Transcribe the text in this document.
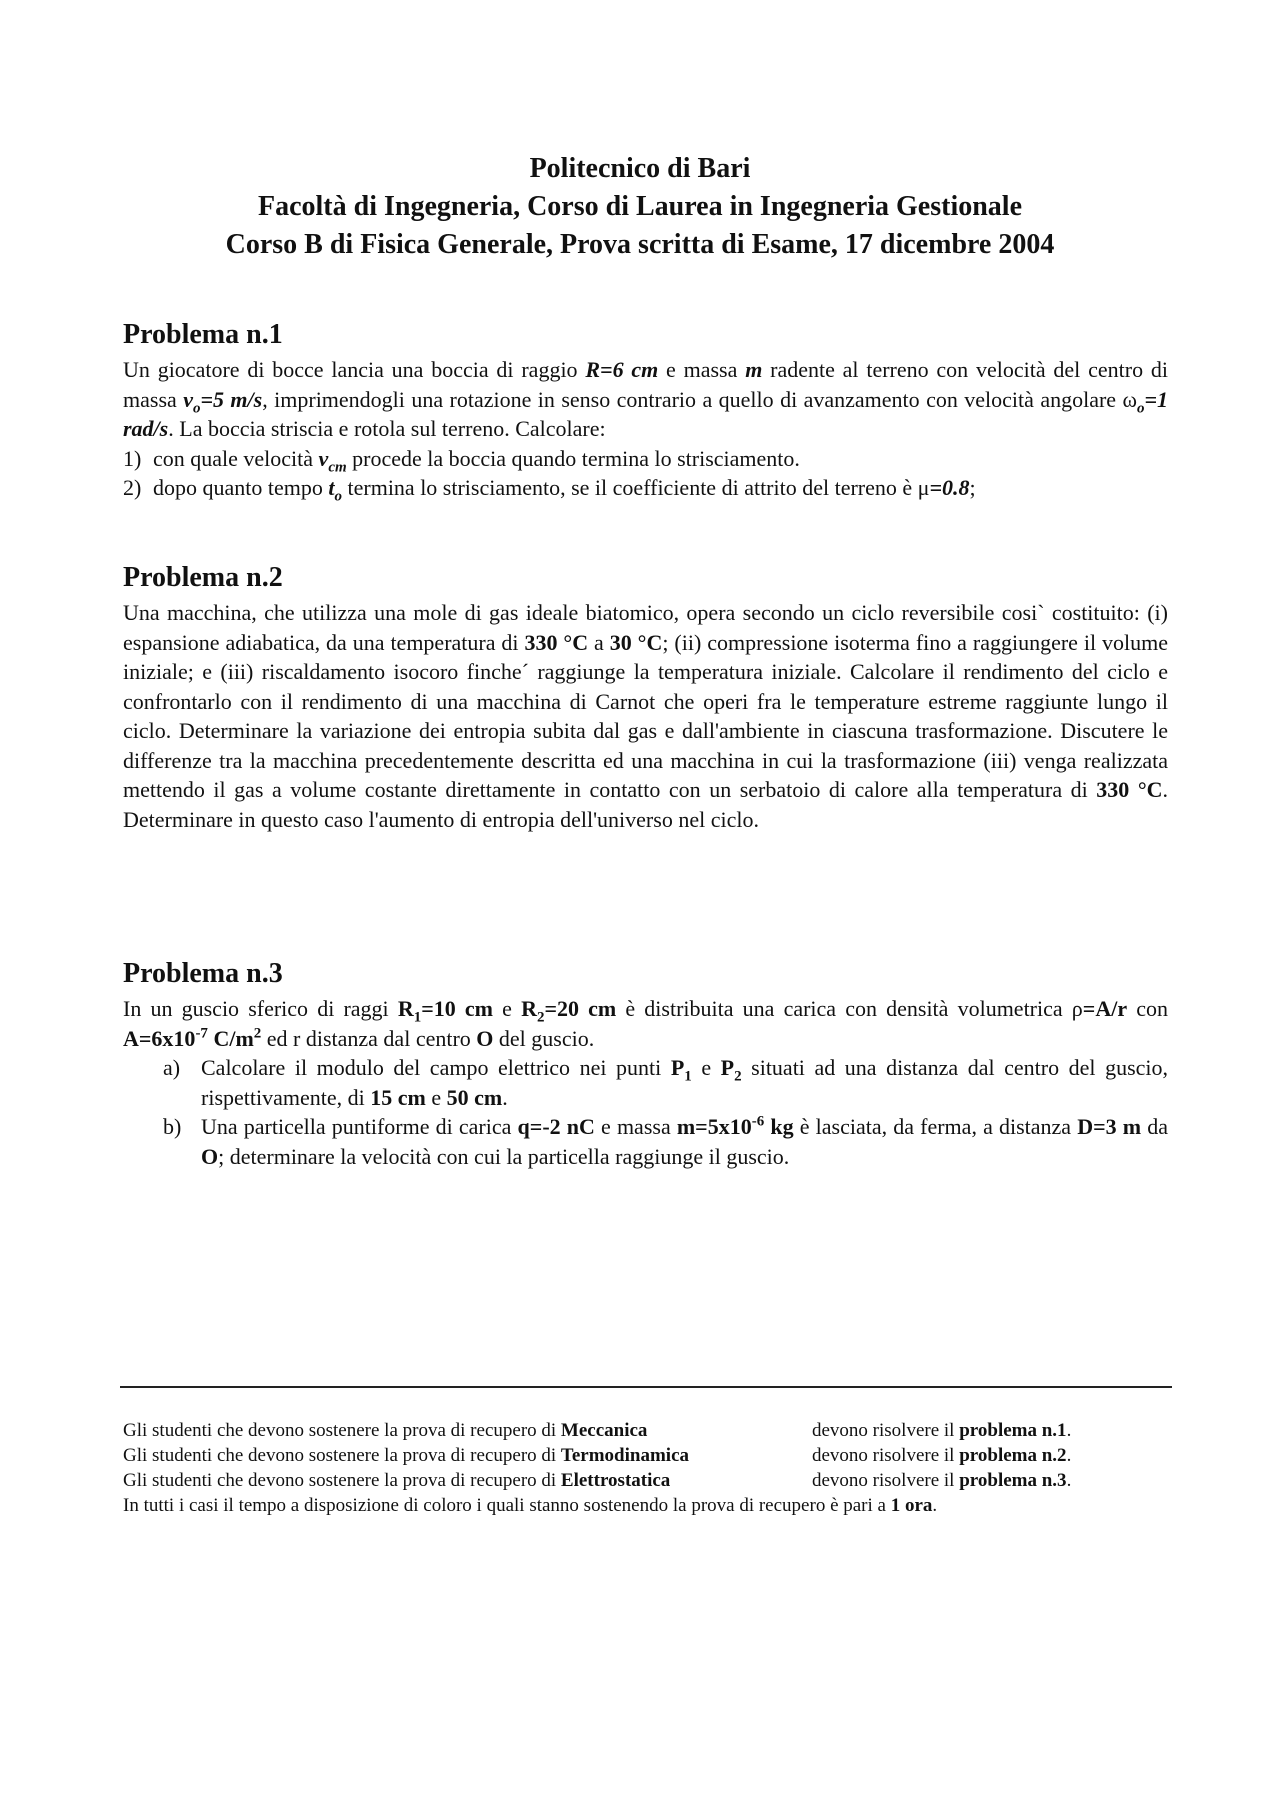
Politecnico di Bari
Facoltà di Ingegneria, Corso di Laurea in Ingegneria Gestionale
Corso B di Fisica Generale, Prova scritta di Esame, 17 dicembre 2004
Problema n.1

Un giocatore di bocce lancia una boccia di raggio R=6 cm e massa m radente al terreno con velocità del centro di massa $v_o=5$ m/s, imprimendogli una rotazione in senso contrario a quello di avanzamento con velocità angolare $\omega_o=1$ rad/s. La boccia striscia e rotola sul terreno. Calcolare:

1) con quale velocità $v_{cm}$ procede la boccia quando termina lo strisciamento.
2) dopo quanto tempo $t_o$ termina lo strisciamento, se il coefficiente di attrito del terreno è μ=0.8;
Problema n.2

Una macchina, che utilizza una mole di gas ideale biatomico, opera secondo un ciclo reversibile cosi` costituito: (i) espansione adiabatica, da una temperatura di 330 °C a 30 °C; (ii) compressione isoterma fino a raggiungere il volume iniziale; e (iii) riscaldamento isocoro finche´ raggiunge la temperatura iniziale. Calcolare il rendimento del ciclo e confrontarlo con il rendimento di una macchina di Carnot che operi fra le temperature estreme raggiunte lungo il ciclo. Determinare la variazione dei entropia subita dal gas e dall'ambiente in ciascuna trasformazione. Discutere le differenze tra la macchina precedentemente descritta ed una macchina in cui la trasformazione (iii) venga realizzata mettendo il gas a volume costante direttamente in contatto con un serbatoio di calore alla temperatura di 330 °C. Determinare in questo caso l'aumento di entropia dell'universo nel ciclo.

Problema n.3

In un guscio sferico di raggi $R_1=10$ cm e $R_2=20$ cm è distribuita una carica con densità volumetrica ρ=A/r con $A=6x10^{-7}$ $C/m^2$ ed r distanza dal centro O del guscio.

a) Calcolare il modulo del campo elettrico nei punti $P_1$ e $P_2$ situati ad una distanza dal centro del guscio, rispettivamente, di 15 cm e 50 cm.
b) Una particella puntiforme di carica q=-2 nC e massa $m=5x10^{-6}$ kg è lasciata, da ferma, a distanza D=3 m da O; determinare la velocità con cui la particella raggiunge il guscio.
Gli studenti che devono sostenere la prova di recupero di Meccanica	devono risolvere il problema n.1.
Gli studenti che devono sostenere la prova di recupero di Termodinamica	devono risolvere il problema n.2.
Gli studenti che devono sostenere la prova di recupero di Elettrostatica	devono risolvere il problema n.3.
In tutti i casi il tempo a disposizione di coloro i quali stanno sostenendo la prova di recupero è pari a 1 ora.
